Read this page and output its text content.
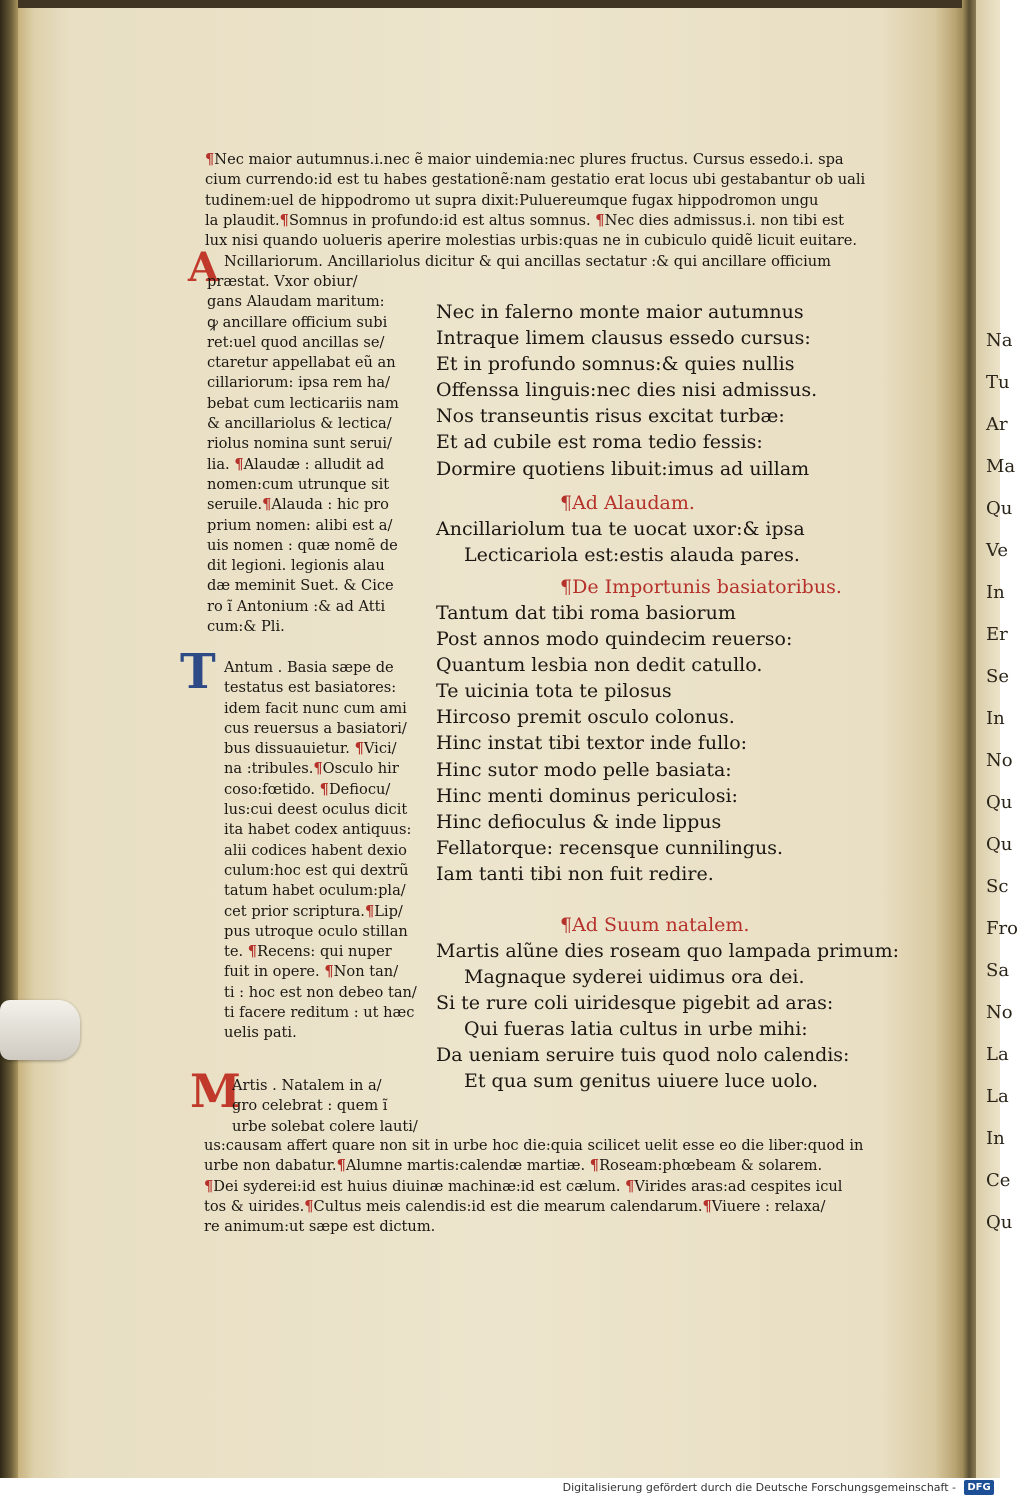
Na
Tu
Ar
Ma
Qu
Ve
In
Er
Se
In
No
Qu
Qu
Sc
Fro
Sa
No
La
La
In
Ce
Qu
¶Nec maior autumnus.i.nec ẽ maior uindemia:nec plures fructus. Cursus essedo.i. spa
cium currendo:id est tu habes gestationẽ:nam gestatio erat locus ubi gestabantur ob uali
tudinem:uel de hippodromo ut supra dixit:Puluereumque fugax hippodromon ungu
la plaudit.¶Somnus in profundo:id est altus somnus. ¶Nec dies admissus.i. non tibi est
lux nisi quando uolueris aperire molestias urbis:quas ne in cubiculo quidẽ licuit euitare.
A Ncillariorum. Ancillariolus dicitur & qui ancillas sectatur :& qui ancillare officium
præstat. Vxor obiur/
gans Alaudam maritum:
ꝙ ancillare officium subi
ret:uel quod ancillas se/
ctaretur appellabat eũ an
cillariorum: ipsa rem ha/
bebat cum lecticariis nam
& ancillariolus & lectica/
riolus nomina sunt serui/
lia. ¶Alaudæ : alludit ad
nomen:cum utrunque sit
seruile.¶Alauda : hic pro
prium nomen: alibi est a/
uis nomen : quæ nomẽ de
dit legioni. legionis alau
dæ meminit Suet. & Cice
ro ĩ Antonium :& ad Atti
cum:& Pli.
T Antum . Basia sæpe de
testatus est basiatores:
idem facit nunc cum ami
cus reuersus a basiatori/
bus dissuauietur. ¶Vici/
na :tribules.¶Osculo hir
coso:fœtido. ¶Defiocu/
lus:cui deest oculus dicit
ita habet codex antiquus:
alii codices habent dexio
culum:hoc est qui dextrũ
tatum habet oculum:pla/
cet prior scriptura.¶Lip/
pus utroque oculo stillan
te. ¶Recens: qui nuper
fuit in opere. ¶Non tan/
ti : hoc est non debeo tan/
ti facere reditum : ut hæc
uelis pati.
M
Artis . Natalem in a/
gro celebrat : quem ĩ
urbe solebat colere lauti/
us:causam affert quare non sit in urbe hoc die:quia scilicet uelit esse eo die liber:quod in
urbe non dabatur.¶Alumne martis:calendæ martiæ. ¶Roseam:phœbeam & solarem.
¶Dei syderei:id est huius diuinæ machinæ:id est cælum. ¶Virides aras:ad cespites icul
tos & uirides.¶Cultus meis calendis:id est die mearum calendarum.¶Viuere : relaxa/
re animum:ut sæpe est dictum.
Nec in falerno monte maior autumnus
Intraque limem clausus essedo cursus:
Et in profundo somnus:& quies nullis
Offenssa linguis:nec dies nisi admissus.
Nos transeuntis risus excitat turbæ:
Et ad cubile est roma tedio fessis:
Dormire quotiens libuit:imus ad uillam
¶Ad Alaudam.
Ancillariolum tua te uocat uxor:& ipsa
Lecticariola est:estis alauda pares.
¶De Importunis basiatoribus.
Tantum dat tibi roma basiorum
Post annos modo quindecim reuerso:
Quantum lesbia non dedit catullo.
Te uicinia tota te pilosus
Hircoso premit osculo colonus.
Hinc instat tibi textor inde fullo:
Hinc sutor modo pelle basiata:
Hinc menti dominus periculosi:
Hinc defioculus & inde lippus
Fellatorque: recensque cunnilingus.
Iam tanti tibi non fuit redire.
¶Ad Suum natalem.
Martis alũne dies roseam quo lampada primum:
Magnaque syderei uidimus ora dei.
Si te rure coli uiridesque pigebit ad aras:
Qui fueras latia cultus in urbe mihi:
Da ueniam seruire tuis quod nolo calendis:
Et qua sum genitus uiuere luce uolo.
Digitalisierung gefördert durch die Deutsche Forschungsgemeinschaft -	DFG
